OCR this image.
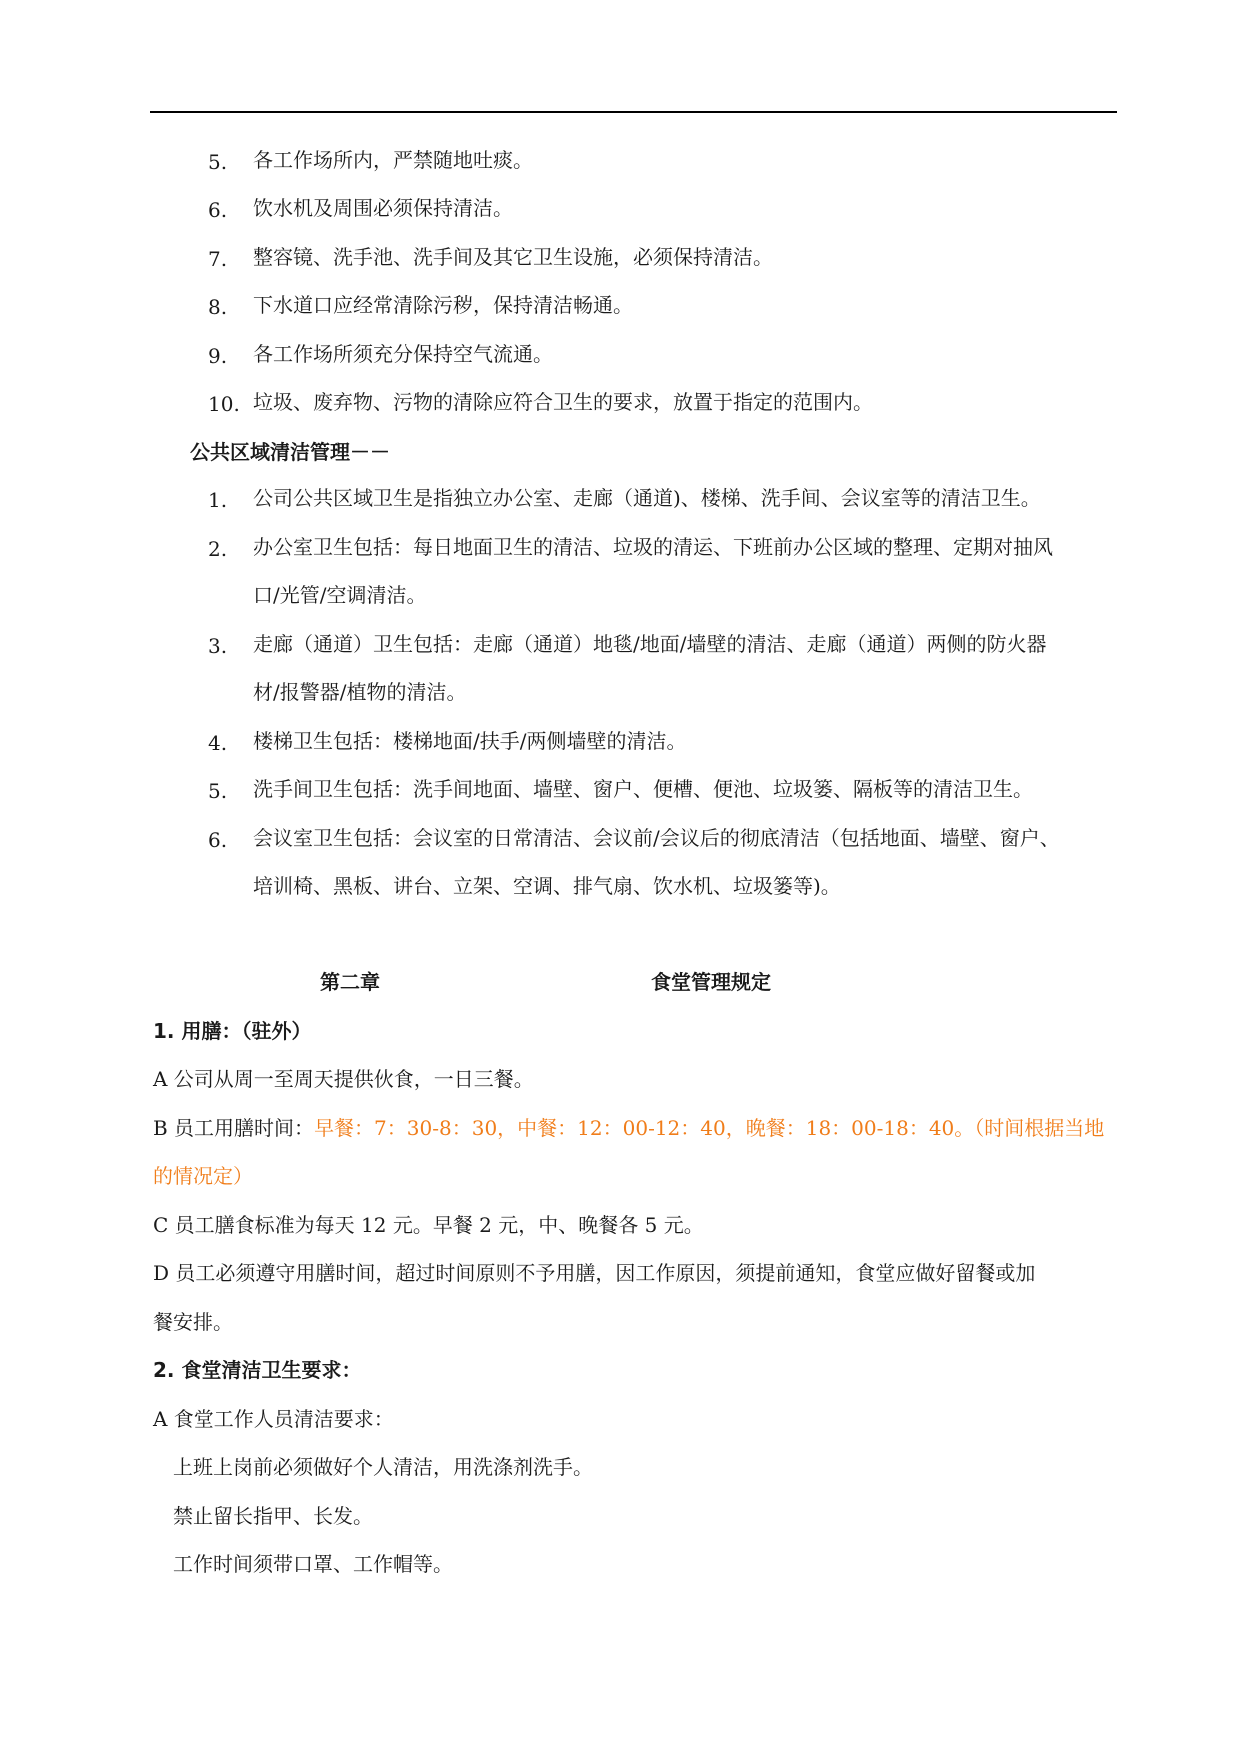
5. 各工作场所内，严禁随地吐痰。
6. 饮水机及周围必须保持清洁。
7. 整容镜、洗手池、洗手间及其它卫生设施，必须保持清洁。
8. 下水道口应经常清除污秽，保持清洁畅通。
9. 各工作场所须充分保持空气流通。
10. 垃圾、废弃物、污物的清除应符合卫生的要求，放置于指定的范围内。
公共区域清洁管理－－
1. 公司公共区域卫生是指独立办公室、走廊（通道)、楼梯、洗手间、会议室等的清洁卫生。
2. 办公室卫生包括：每日地面卫生的清洁、垃圾的清运、下班前办公区域的整理、定期对抽风
口/光管/空调清洁。
3. 走廊（通道）卫生包括：走廊（通道）地毯/地面/墙壁的清洁、走廊（通道）两侧的防火器
材/报警器/植物的清洁。
4. 楼梯卫生包括：楼梯地面/扶手/两侧墙壁的清洁。
5. 洗手间卫生包括：洗手间地面、墙壁、窗户、便槽、便池、垃圾篓、隔板等的清洁卫生。
6. 会议室卫生包括：会议室的日常清洁、会议前/会议后的彻底清洁（包括地面、墙壁、窗户、
培训椅、黑板、讲台、立架、空调、排气扇、饮水机、垃圾篓等)。
第二章	食堂管理规定
1. 用膳：（驻外）
A 公司从周一至周天提供伙食，一日三餐。
B 员工用膳时间：早餐：7：30-8：30，中餐：12：00-12：40，晚餐：18：00-18：40。（时间根据当地
的情况定）
C 员工膳食标准为每天 12 元。早餐 2 元，中、晚餐各 5 元。
D 员工必须遵守用膳时间，超过时间原则不予用膳，因工作原因，须提前通知，食堂应做好留餐或加
餐安排。
2. 食堂清洁卫生要求：
A 食堂工作人员清洁要求：
上班上岗前必须做好个人清洁，用洗涤剂洗手。
禁止留长指甲、长发。
工作时间须带口罩、工作帽等。
